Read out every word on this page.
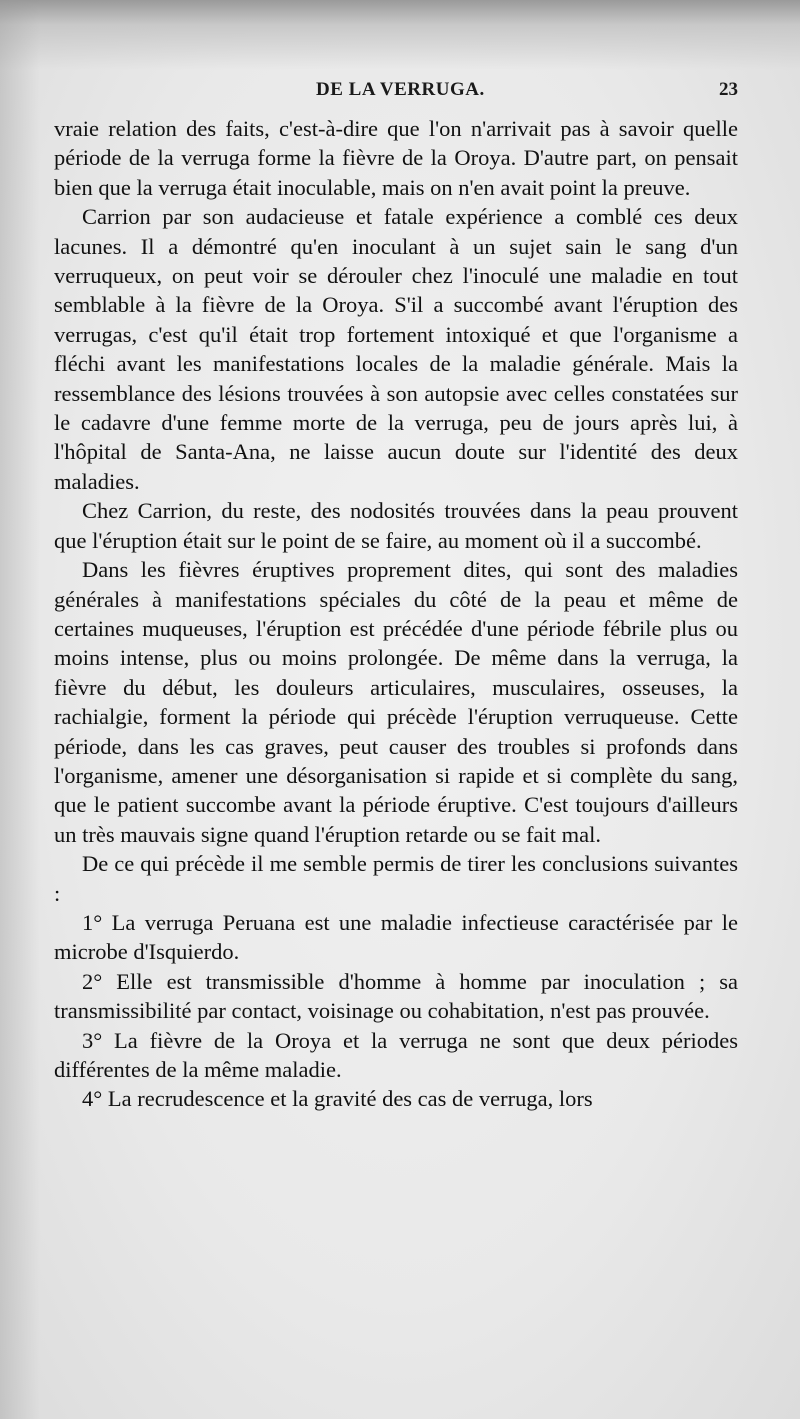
DE LA VERRUGA.	23

vraie relation des faits, c'est-à-dire que l'on n'arrivait pas à savoir quelle période de la verruga forme la fièvre de la Oroya. D'autre part, on pensait bien que la verruga était inoculable, mais on n'en avait point la preuve.

Carrion par son audacieuse et fatale expérience a comblé ces deux lacunes. Il a démontré qu'en inoculant à un sujet sain le sang d'un verruqueux, on peut voir se dérouler chez l'inoculé une maladie en tout semblable à la fièvre de la Oroya. S'il a succombé avant l'éruption des verrugas, c'est qu'il était trop fortement intoxiqué et que l'organisme a fléchi avant les manifestations locales de la maladie générale. Mais la ressemblance des lésions trouvées à son autopsie avec celles constatées sur le cadavre d'une femme morte de la verruga, peu de jours après lui, à l'hôpital de Santa-Ana, ne laisse aucun doute sur l'identité des deux maladies.

Chez Carrion, du reste, des nodosités trouvées dans la peau prouvent que l'éruption était sur le point de se faire, au moment où il a succombé.

Dans les fièvres éruptives proprement dites, qui sont des maladies générales à manifestations spéciales du côté de la peau et même de certaines muqueuses, l'éruption est précédée d'une période fébrile plus ou moins intense, plus ou moins prolongée. De même dans la verruga, la fièvre du début, les douleurs articulaires, musculaires, osseuses, la rachialgie, forment la période qui précède l'éruption verruqueuse. Cette période, dans les cas graves, peut causer des troubles si profonds dans l'organisme, amener une désorganisation si rapide et si complète du sang, que le patient succombe avant la période éruptive. C'est toujours d'ailleurs un très mauvais signe quand l'éruption retarde ou se fait mal.

De ce qui précède il me semble permis de tirer les conclusions suivantes :

1° La verruga Peruana est une maladie infectieuse caractérisée par le microbe d'Isquierdo.

2° Elle est transmissible d'homme à homme par inoculation ; sa transmissibilité par contact, voisinage ou cohabitation, n'est pas prouvée.

3° La fièvre de la Oroya et la verruga ne sont que deux périodes différentes de la même maladie.

4° La recrudescence et la gravité des cas de verruga, lors
